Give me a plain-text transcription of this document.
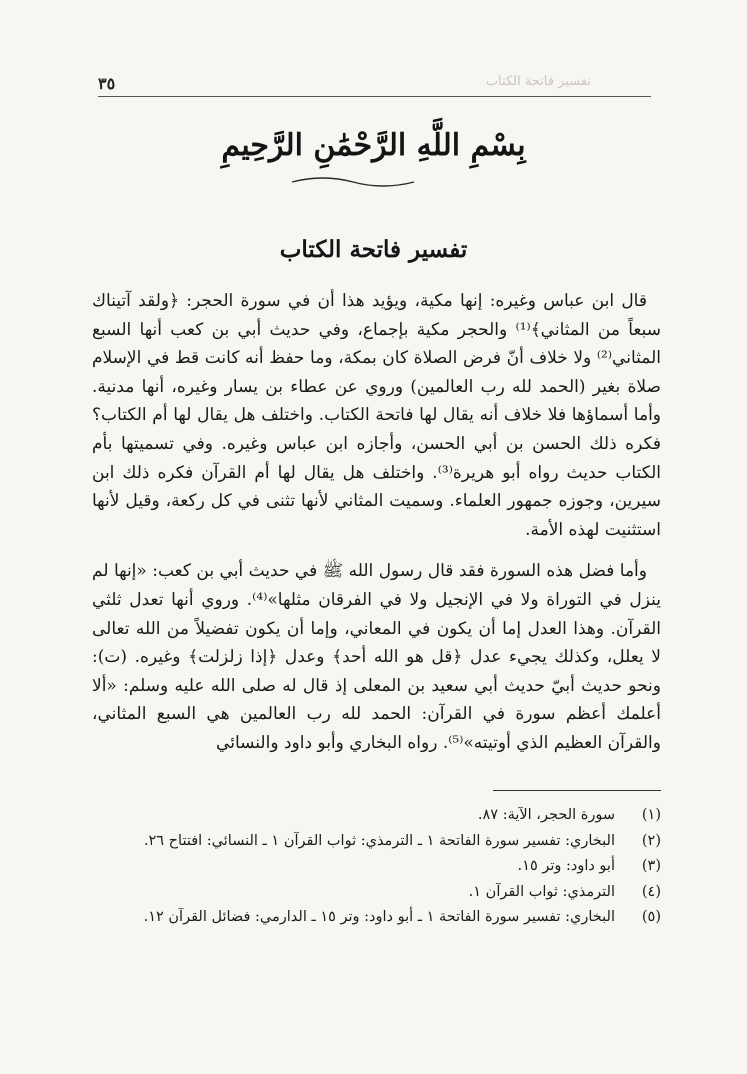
٣٥	تفسير فاتحة الكتاب
بِسْمِ اللَّهِ الرَّحْمَٰنِ الرَّحِيمِ
تفسير فاتحة الكتاب

قال ابن عباس وغيره: إنها مكية، ويؤيد هذا أن في سورة الحجر: ﴿ولقد آتيناك سبعاً من المثاني﴾⁽¹⁾ والحجر مكية بإجماع، وفي حديث أبي بن كعب أنها السبع المثاني⁽²⁾ ولا خلاف أنّ فرض الصلاة كان بمكة، وما حفظ أنه كانت قط في الإسلام صلاة بغير (الحمد لله رب العالمين) وروي عن عطاء بن يسار وغيره، أنها مدنية. وأما أسماؤها فلا خلاف أنه يقال لها فاتحة الكتاب. واختلف هل يقال لها أم الكتاب؟ فكره ذلك الحسن بن أبي الحسن، وأجازه ابن عباس وغيره. وفي تسميتها بأم الكتاب حديث رواه أبو هريرة⁽³⁾. واختلف هل يقال لها أم القرآن فكره ذلك ابن سيرين، وجوزه جمهور العلماء. وسميت المثاني لأنها تثنى في كل ركعة، وقيل لأنها استثنيت لهذه الأمة.

وأما فضل هذه السورة فقد قال رسول الله ﷺ في حديث أبي بن كعب: «إنها لم ينزل في التوراة ولا في الإنجيل ولا في الفرقان مثلها»⁽⁴⁾. وروي أنها تعدل ثلثي القرآن. وهذا العدل إما أن يكون في المعاني، وإما أن يكون تفضيلاً من الله تعالى لا يعلل، وكذلك يجيء عدل ﴿قل هو الله أحد﴾ وعدل ﴿إذا زلزلت﴾ وغيره. (ت): ونحو حديث أبيّ حديث أبي سعيد بن المعلى إذ قال له صلى الله عليه وسلم: «ألا أعلمك أعظم سورة في القرآن: الحمد لله رب العالمين هي السبع المثاني، والقرآن العظيم الذي أوتيته»⁽⁵⁾. رواه البخاري وأبو داود والنسائي

(١)
سورة الحجر، الآية: ٨٧.
(٢)
البخاري: تفسير سورة الفاتحة ١ ـ الترمذي: ثواب القرآن ١ ـ النسائي: افتتاح ٢٦.
(٣)
أبو داود: وتر ١٥.
(٤)
الترمذي: ثواب القرآن ١.
(٥)
البخاري: تفسير سورة الفاتحة ١ ـ أبو داود: وتر ١٥ ـ الدارمي: فضائل القرآن ١٢.
